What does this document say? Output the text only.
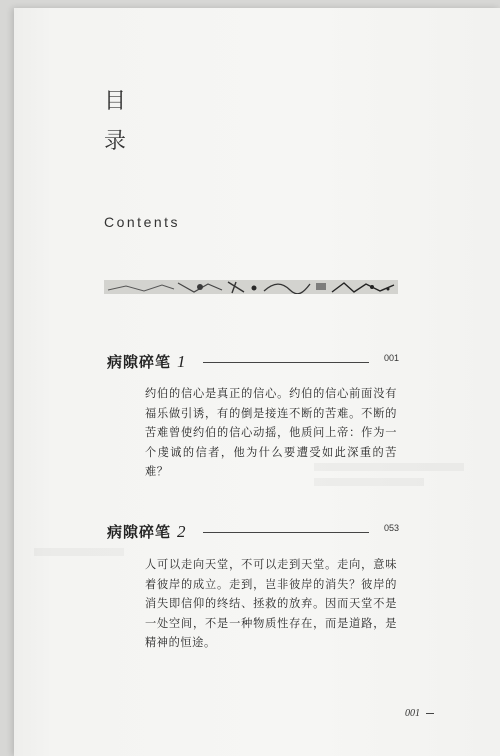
目
录
Contents
病隙碎笔 1	001
约伯的信心是真正的信心。约伯的信心前面没有福乐做引诱，有的倒是接连不断的苦难。不断的苦难曾使约伯的信心动摇，他质问上帝：作为一个虔诚的信者，他为什么要遭受如此深重的苦难？
病隙碎笔 2	053
人可以走向天堂，不可以走到天堂。走向，意味着彼岸的成立。走到，岂非彼岸的消失？彼岸的消失即信仰的终结、拯救的放弃。因而天堂不是一处空间，不是一种物质性存在，而是道路，是精神的恒途。
001
